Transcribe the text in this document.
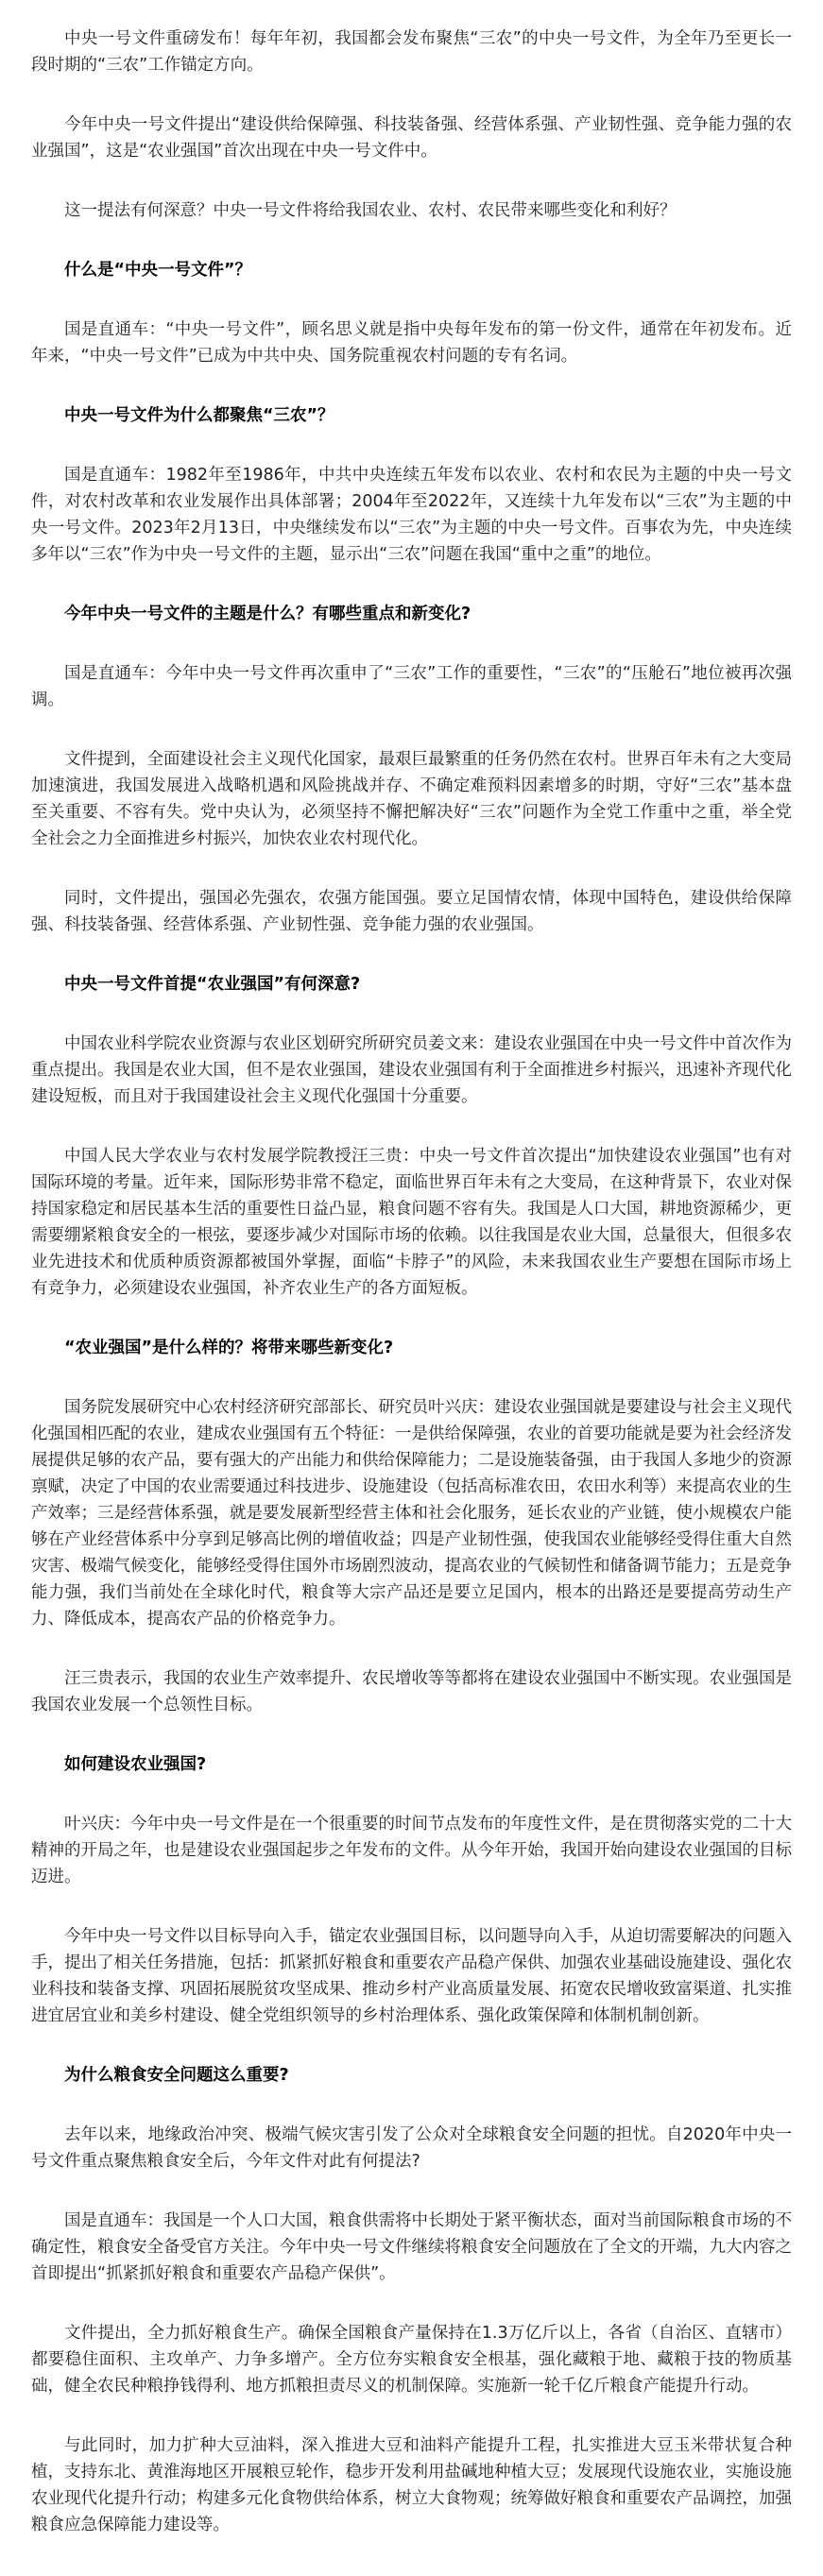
中央一号文件重磅发布！每年年初，我国都会发布聚焦“三农”的中央一号文件，为全年乃至更长一段时期的“三农”工作锚定方向。

今年中央一号文件提出“建设供给保障强、科技装备强、经营体系强、产业韧性强、竞争能力强的农业强国”，这是“农业强国”首次出现在中央一号文件中。

这一提法有何深意？中央一号文件将给我国农业、农村、农民带来哪些变化和利好？

什么是“中央一号文件”？

国是直通车：“中央一号文件”，顾名思义就是指中央每年发布的第一份文件，通常在年初发布。近年来，“中央一号文件”已成为中共中央、国务院重视农村问题的专有名词。

中央一号文件为什么都聚焦“三农”？

国是直通车：1982年至1986年，中共中央连续五年发布以农业、农村和农民为主题的中央一号文件，对农村改革和农业发展作出具体部署；2004年至2022年，又连续十九年发布以“三农”为主题的中央一号文件。2023年2月13日，中央继续发布以“三农”为主题的中央一号文件。百事农为先，中央连续多年以“三农”作为中央一号文件的主题，显示出“三农”问题在我国“重中之重”的地位。

今年中央一号文件的主题是什么？有哪些重点和新变化?

国是直通车：今年中央一号文件再次重申了“三农”工作的重要性，“三农”的“压舱石”地位被再次强调。

文件提到，全面建设社会主义现代化国家，最艰巨最繁重的任务仍然在农村。世界百年未有之大变局加速演进，我国发展进入战略机遇和风险挑战并存、不确定难预料因素增多的时期，守好“三农”基本盘至关重要、不容有失。党中央认为，必须坚持不懈把解决好“三农”问题作为全党工作重中之重，举全党全社会之力全面推进乡村振兴，加快农业农村现代化。

同时，文件提出，强国必先强农，农强方能国强。要立足国情农情，体现中国特色，建设供给保障强、科技装备强、经营体系强、产业韧性强、竞争能力强的农业强国。

中央一号文件首提“农业强国”有何深意?

中国农业科学院农业资源与农业区划研究所研究员姜文来：建设农业强国在中央一号文件中首次作为重点提出。我国是农业大国，但不是农业强国，建设农业强国有利于全面推进乡村振兴，迅速补齐现代化建设短板，而且对于我国建设社会主义现代化强国十分重要。

中国人民大学农业与农村发展学院教授汪三贵：中央一号文件首次提出“加快建设农业强国”也有对国际环境的考量。近年来，国际形势非常不稳定，面临世界百年未有之大变局，在这种背景下，农业对保持国家稳定和居民基本生活的重要性日益凸显，粮食问题不容有失。我国是人口大国，耕地资源稀少，更需要绷紧粮食安全的一根弦，要逐步减少对国际市场的依赖。以往我国是农业大国，总量很大，但很多农业先进技术和优质种质资源都被国外掌握，面临“卡脖子”的风险，未来我国农业生产要想在国际市场上有竞争力，必须建设农业强国，补齐农业生产的各方面短板。

“农业强国”是什么样的？将带来哪些新变化?

国务院发展研究中心农村经济研究部部长、研究员叶兴庆：建设农业强国就是要建设与社会主义现代化强国相匹配的农业，建成农业强国有五个特征：一是供给保障强，农业的首要功能就是要为社会经济发展提供足够的农产品，要有强大的产出能力和供给保障能力；二是设施装备强，由于我国人多地少的资源禀赋，决定了中国的农业需要通过科技进步、设施建设（包括高标准农田，农田水利等）来提高农业的生产效率；三是经营体系强，就是要发展新型经营主体和社会化服务，延长农业的产业链，使小规模农户能够在产业经营体系中分享到足够高比例的增值收益；四是产业韧性强，使我国农业能够经受得住重大自然灾害、极端气候变化，能够经受得住国外市场剧烈波动，提高农业的气候韧性和储备调节能力；五是竞争能力强，我们当前处在全球化时代，粮食等大宗产品还是要立足国内，根本的出路还是要提高劳动生产力、降低成本，提高农产品的价格竞争力。

汪三贵表示，我国的农业生产效率提升、农民增收等等都将在建设农业强国中不断实现。农业强国是我国农业发展一个总领性目标。

如何建设农业强国?

叶兴庆：今年中央一号文件是在一个很重要的时间节点发布的年度性文件，是在贯彻落实党的二十大精神的开局之年，也是建设农业强国起步之年发布的文件。从今年开始，我国开始向建设农业强国的目标迈进。

今年中央一号文件以目标导向入手，锚定农业强国目标，以问题导向入手，从迫切需要解决的问题入手，提出了相关任务措施，包括：抓紧抓好粮食和重要农产品稳产保供、加强农业基础设施建设、强化农业科技和装备支撑、巩固拓展脱贫攻坚成果、推动乡村产业高质量发展、拓宽农民增收致富渠道、扎实推进宜居宜业和美乡村建设、健全党组织领导的乡村治理体系、强化政策保障和体制机制创新。

为什么粮食安全问题这么重要?

去年以来，地缘政治冲突、极端气候灾害引发了公众对全球粮食安全问题的担忧。自2020年中央一号文件重点聚焦粮食安全后，今年文件对此有何提法?

国是直通车：我国是一个人口大国，粮食供需将中长期处于紧平衡状态，面对当前国际粮食市场的不确定性，粮食安全备受官方关注。今年中央一号文件继续将粮食安全问题放在了全文的开端，九大内容之首即提出“抓紧抓好粮食和重要农产品稳产保供”。

文件提出，全力抓好粮食生产。确保全国粮食产量保持在1.3万亿斤以上，各省（自治区、直辖市）都要稳住面积、主攻单产、力争多增产。全方位夯实粮食安全根基，强化藏粮于地、藏粮于技的物质基础，健全农民种粮挣钱得利、地方抓粮担责尽义的机制保障。实施新一轮千亿斤粮食产能提升行动。

与此同时，加力扩种大豆油料，深入推进大豆和油料产能提升工程，扎实推进大豆玉米带状复合种植，支持东北、黄淮海地区开展粮豆轮作，稳步开发利用盐碱地种植大豆；发展现代设施农业，实施设施农业现代化提升行动；构建多元化食物供给体系，树立大食物观；统筹做好粮食和重要农产品调控，加强粮食应急保障能力建设等。
